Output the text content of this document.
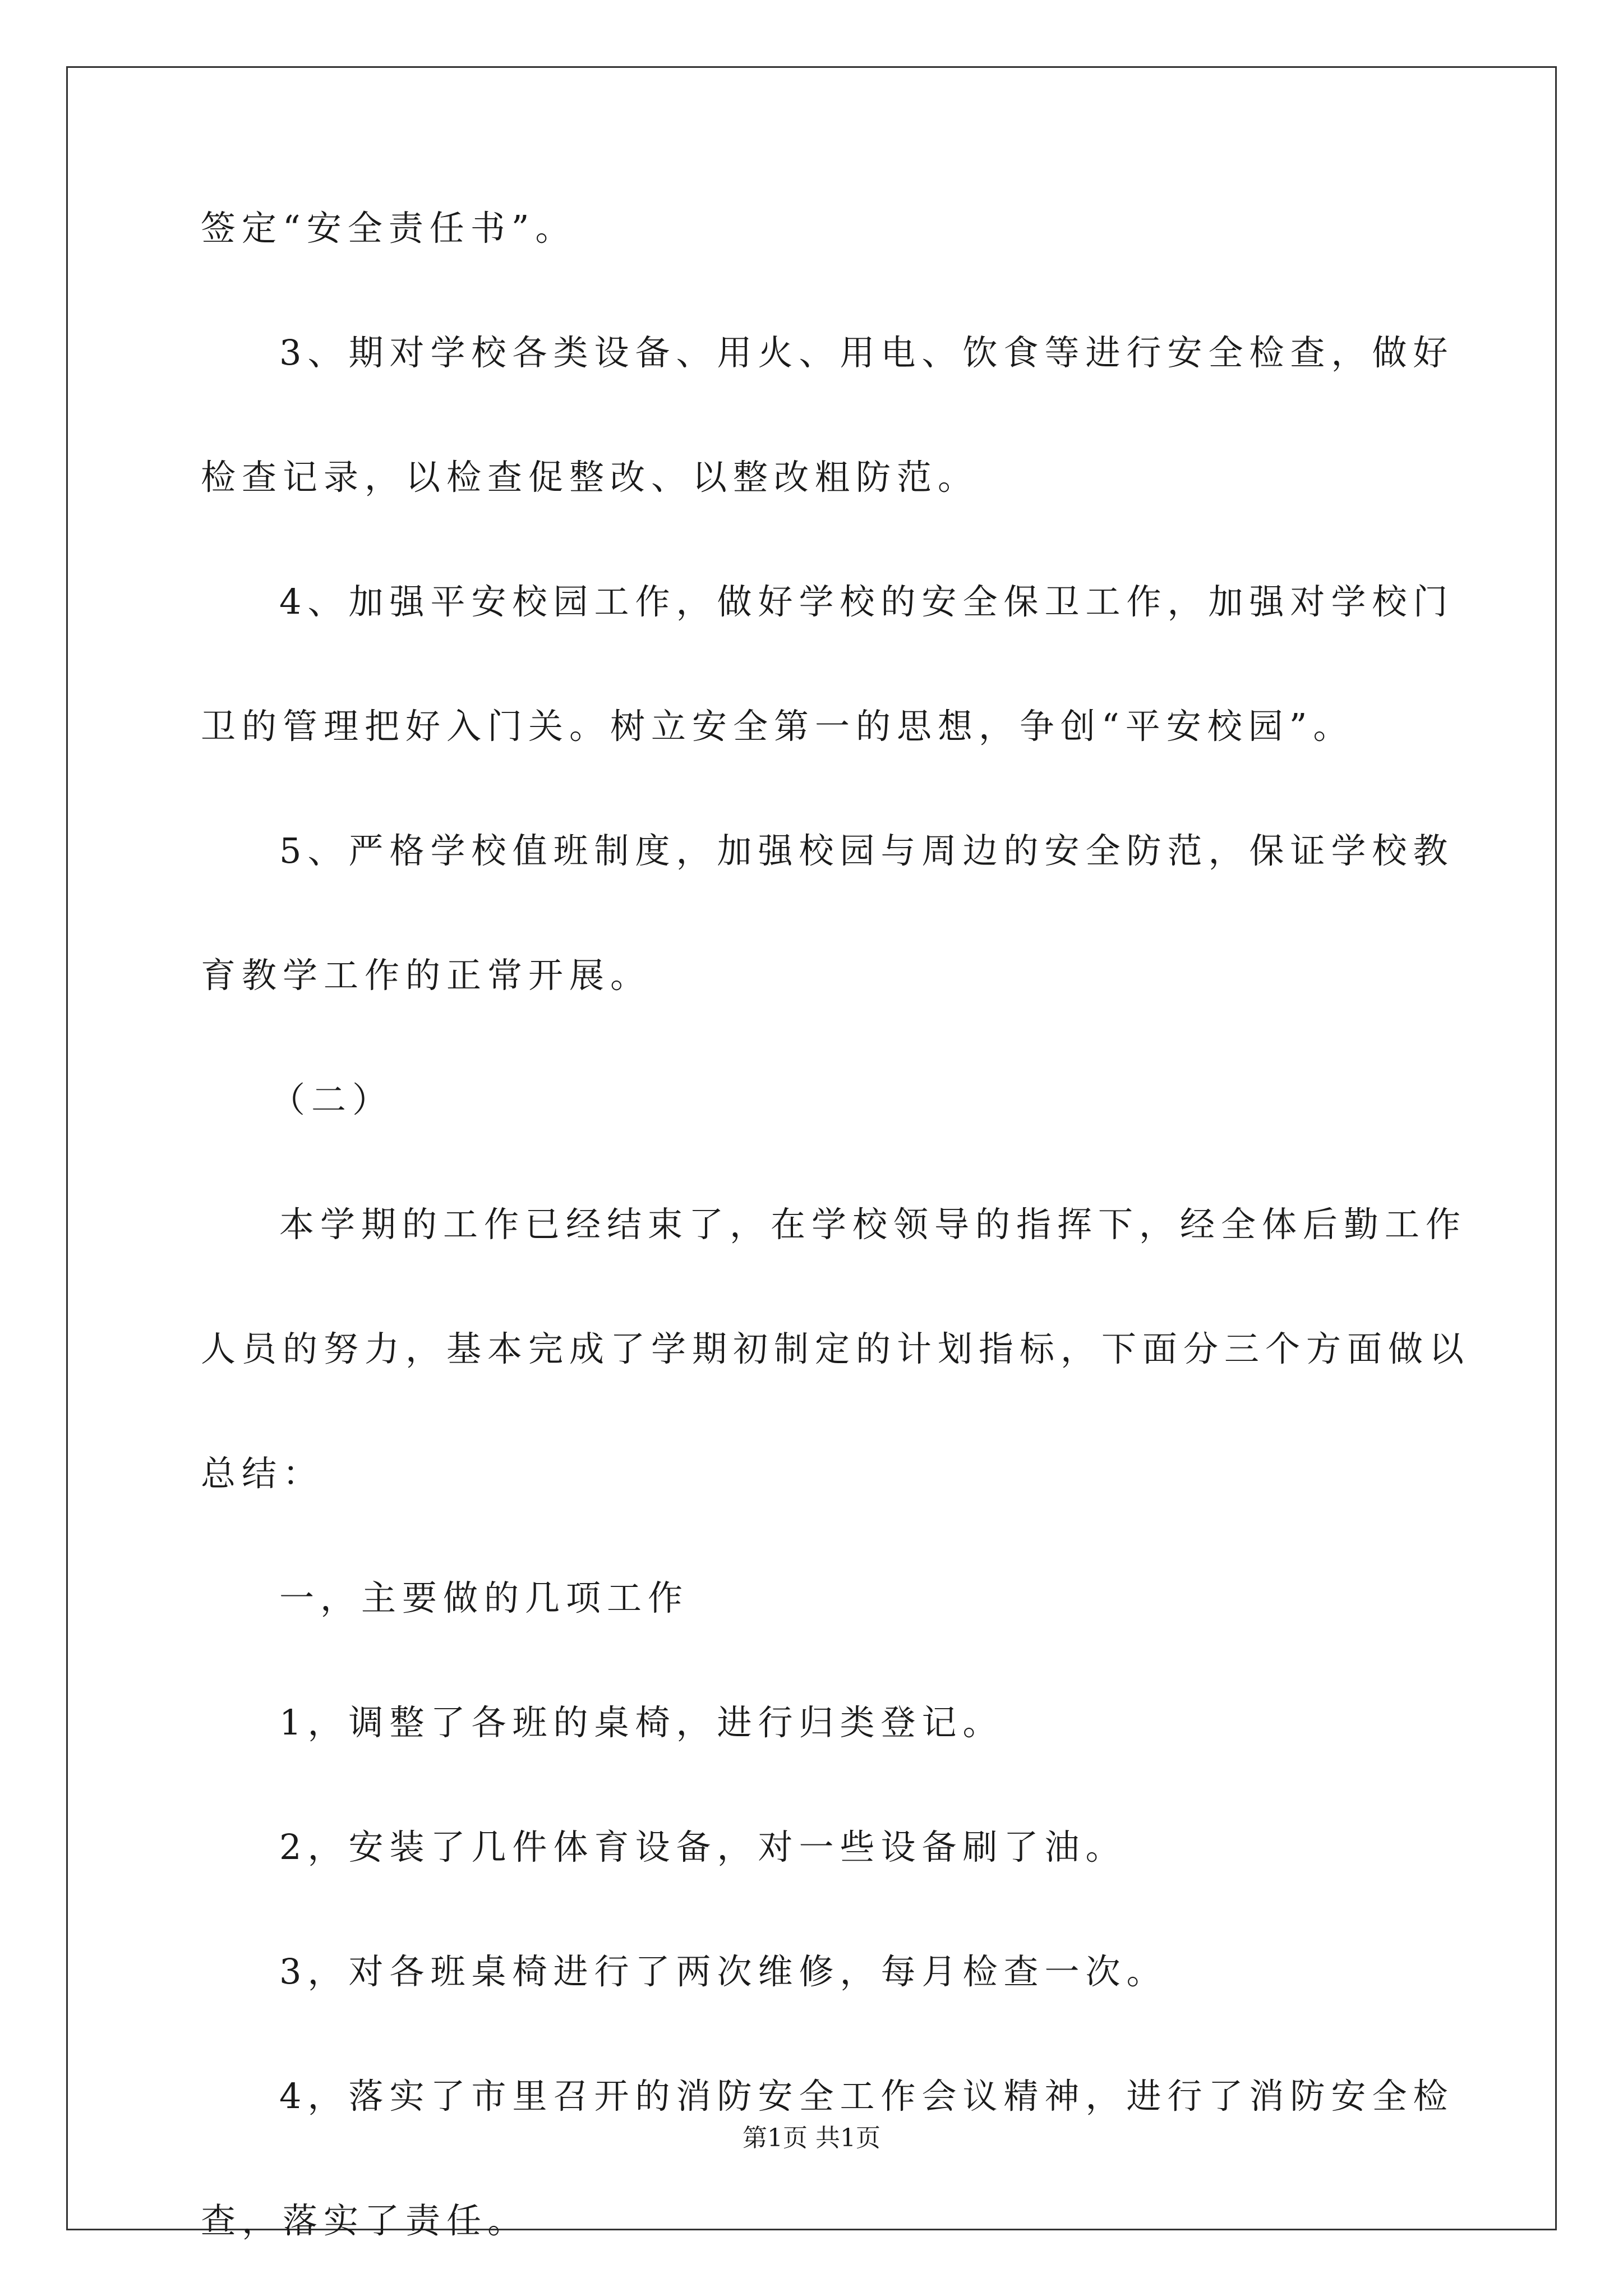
签定“安全责任书”。
3、期对学校各类设备、用火、用电、饮食等进行安全检查，做好
检查记录，以检查促整改、以整改粗防范。
4、加强平安校园工作，做好学校的安全保卫工作，加强对学校门
卫的管理把好入门关。树立安全第一的思想，争创“平安校园”。
5、严格学校值班制度，加强校园与周边的安全防范，保证学校教
育教学工作的正常开展。
（二）
本学期的工作已经结束了，在学校领导的指挥下，经全体后勤工作
人员的努力，基本完成了学期初制定的计划指标，下面分三个方面做以
总结：
一，主要做的几项工作
1，调整了各班的桌椅，进行归类登记。
2，安装了几件体育设备，对一些设备刷了油。
3，对各班桌椅进行了两次维修，每月检查一次。
4，落实了市里召开的消防安全工作会议精神，进行了消防安全检
查，落实了责任。
第1页 共1页
